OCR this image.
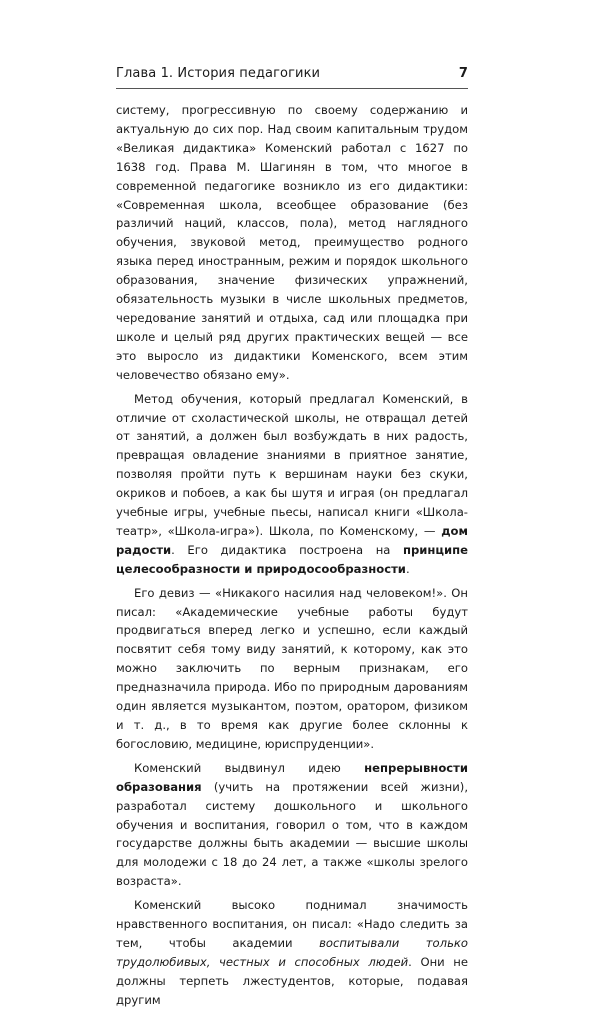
Глава 1. История педагогики	7

систему, прогрессивную по своему содержанию и актуальную до сих пор. Над своим капитальным трудом «Великая дидактика» Коменский работал с 1627 по 1638 год. Права М. Шагинян в том, что многое в современной педагогике возникло из его дидактики: «Современная школа, всеобщее образование (без различий наций, классов, пола), метод наглядного обучения, звуковой метод, преимущество родного языка перед иностранным, режим и порядок школьного образования, значение физических упражнений, обязательность музыки в числе школьных предметов, чередование занятий и отдыха, сад или площадка при школе и целый ряд других практических вещей — все это выросло из дидактики Коменского, всем этим человечество обязано ему».

Метод обучения, который предлагал Коменский, в отличие от схоластической школы, не отвращал детей от занятий, а должен был возбуждать в них радость, превращая овладение знаниями в приятное занятие, позволяя пройти путь к вершинам науки без скуки, окриков и побоев, а как бы шутя и играя (он предлагал учебные игры, учебные пьесы, написал книги «Школа-театр», «Школа-игра»). Школа, по Коменскому, — дом радости. Его дидактика построена на принципе целесообразности и природосообразности.

Его девиз — «Никакого насилия над человеком!». Он писал: «Академические учебные работы будут продвигаться вперед легко и успешно, если каждый посвятит себя тому виду занятий, к которому, как это можно заключить по верным признакам, его предназначила природа. Ибо по природным дарованиям один является музыкантом, поэтом, оратором, физиком и т. д., в то время как другие более склонны к богословию, медицине, юриспруденции».

Коменский выдвинул идею непрерывности образования (учить на протяжении всей жизни), разработал систему дошкольного и школьного обучения и воспитания, говорил о том, что в каждом государстве должны быть академии — высшие школы для молодежи с 18 до 24 лет, а также «школы зрелого возраста».

Коменский высоко поднимал значимость нравственного воспитания, он писал: «Надо следить за тем, чтобы академии воспитывали только трудолюбивых, честных и способных людей. Они не должны терпеть лжестудентов, которые, подавая другим
